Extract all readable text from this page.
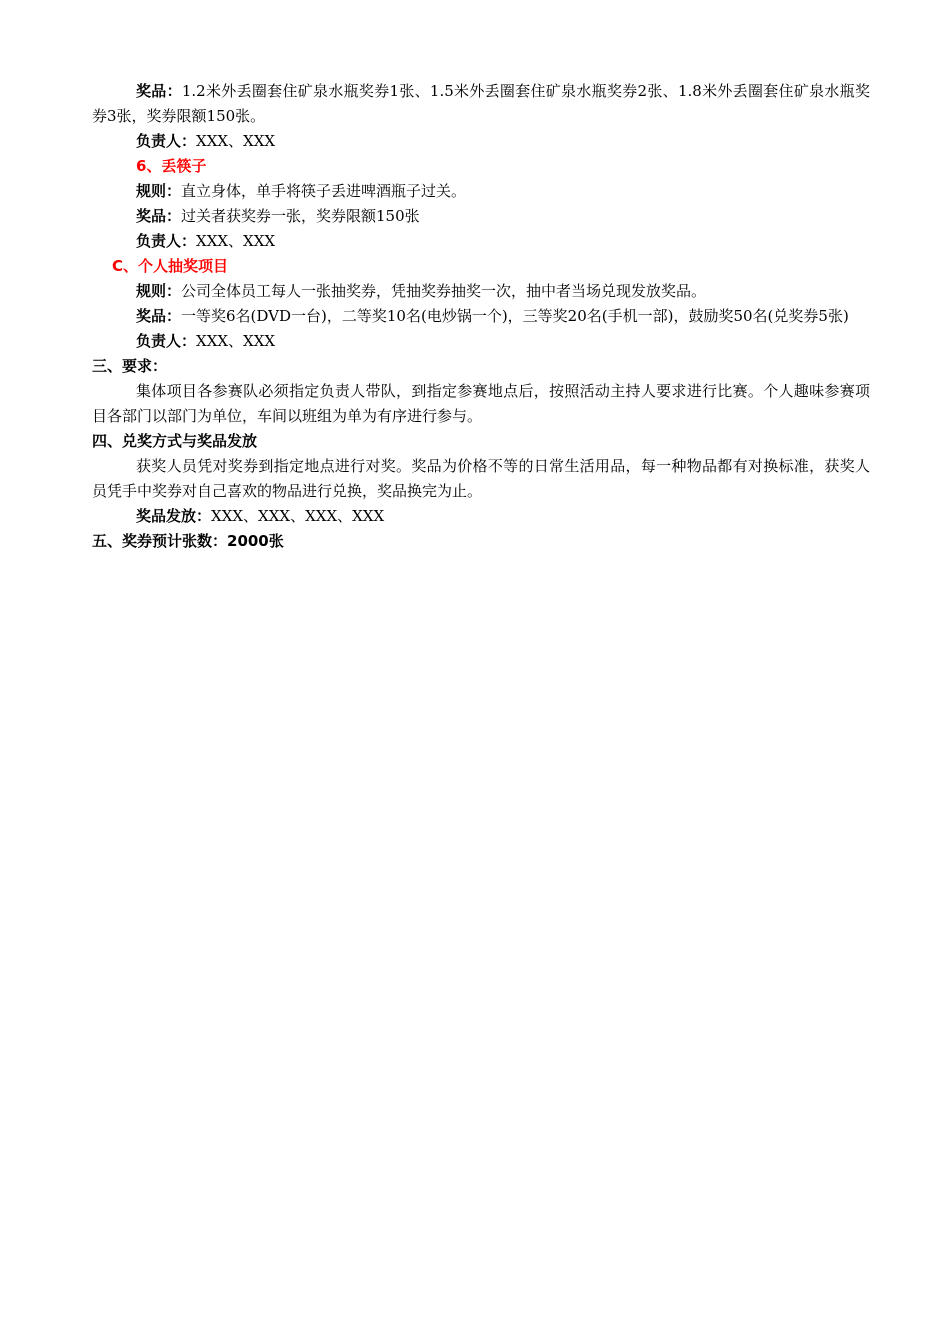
奖品：1.2米外丢圈套住矿泉水瓶奖券1张、1.5米外丢圈套住矿泉水瓶奖券2张、1.8米外丢圈套住矿泉水瓶奖券3张，奖券限额150张。

负责人：XXX、XXX

6、丢筷子

规则：直立身体，单手将筷子丢进啤酒瓶子过关。

奖品：过关者获奖券一张，奖券限额150张

负责人：XXX、XXX

C、个人抽奖项目

规则：公司全体员工每人一张抽奖券，凭抽奖券抽奖一次，抽中者当场兑现发放奖品。

奖品：一等奖6名(DVD一台)，二等奖10名(电炒锅一个)，三等奖20名(手机一部)，鼓励奖50名(兑奖券5张)

负责人：XXX、XXX

三、要求：

集体项目各参赛队必须指定负责人带队，到指定参赛地点后，按照活动主持人要求进行比赛。个人趣味参赛项目各部门以部门为单位，车间以班组为单为有序进行参与。

四、兑奖方式与奖品发放

获奖人员凭对奖券到指定地点进行对奖。奖品为价格不等的日常生活用品，每一种物品都有对换标准，获奖人员凭手中奖券对自己喜欢的物品进行兑换，奖品换完为止。

奖品发放：XXX、XXX、XXX、XXX

五、奖券预计张数：2000张
